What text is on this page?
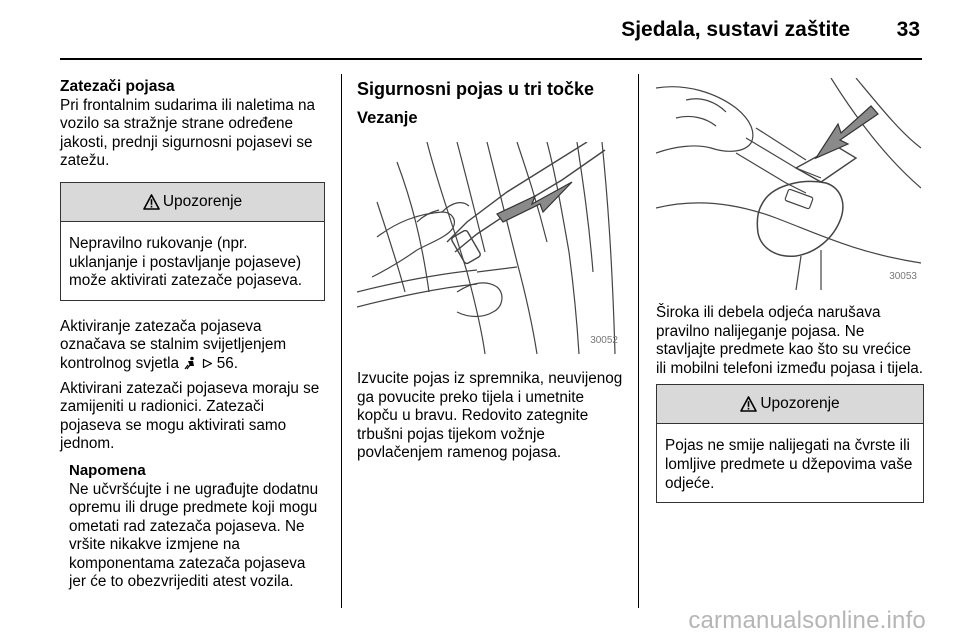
Sjedala, sustavi zaštite	33

Zatezači pojasa

Pri frontalnim sudarima ili naletima na vozilo sa stražnje strane određene jakosti, prednji sigurnosni pojasevi se zatežu.

Upozorenje
Nepravilno rukovanje (npr. uklanjanje i postavljanje pojaseve) može aktivirati zatezače pojaseva.

Aktiviranje zatezača pojaseva označava se stalnim svijetljenjem kontrolnog svjetla 56.

Aktivirani zatezači pojaseva moraju se zamijeniti u radionici. Zatezači pojaseva se mogu aktivirati samo jednom.

Napomena

Ne učvršćujte i ne ugrađujte dodatnu opremu ili druge predmete koji mogu ometati rad zatezača pojaseva. Ne vršite nikakve izmjene na komponentama zatezača pojaseva jer će to obezvrijediti atest vozila.

Sigurnosni pojas u tri točke

Vezanje

30052

Izvucite pojas iz spremnika, neuvijenog ga povucite preko tijela i umetnite kopču u bravu. Redovito zategnite trbušni pojas tijekom vožnje povlačenjem ramenog pojasa.

30053

Široka ili debela odjeća narušava pravilno nalijeganje pojasa. Ne stavljajte predmete kao što su vrećice ili mobilni telefoni između pojasa i tijela.

Upozorenje
Pojas ne smije nalijegati na čvrste ili lomljive predmete u džepovima vaše odjeće.
carmanualsonline.info
